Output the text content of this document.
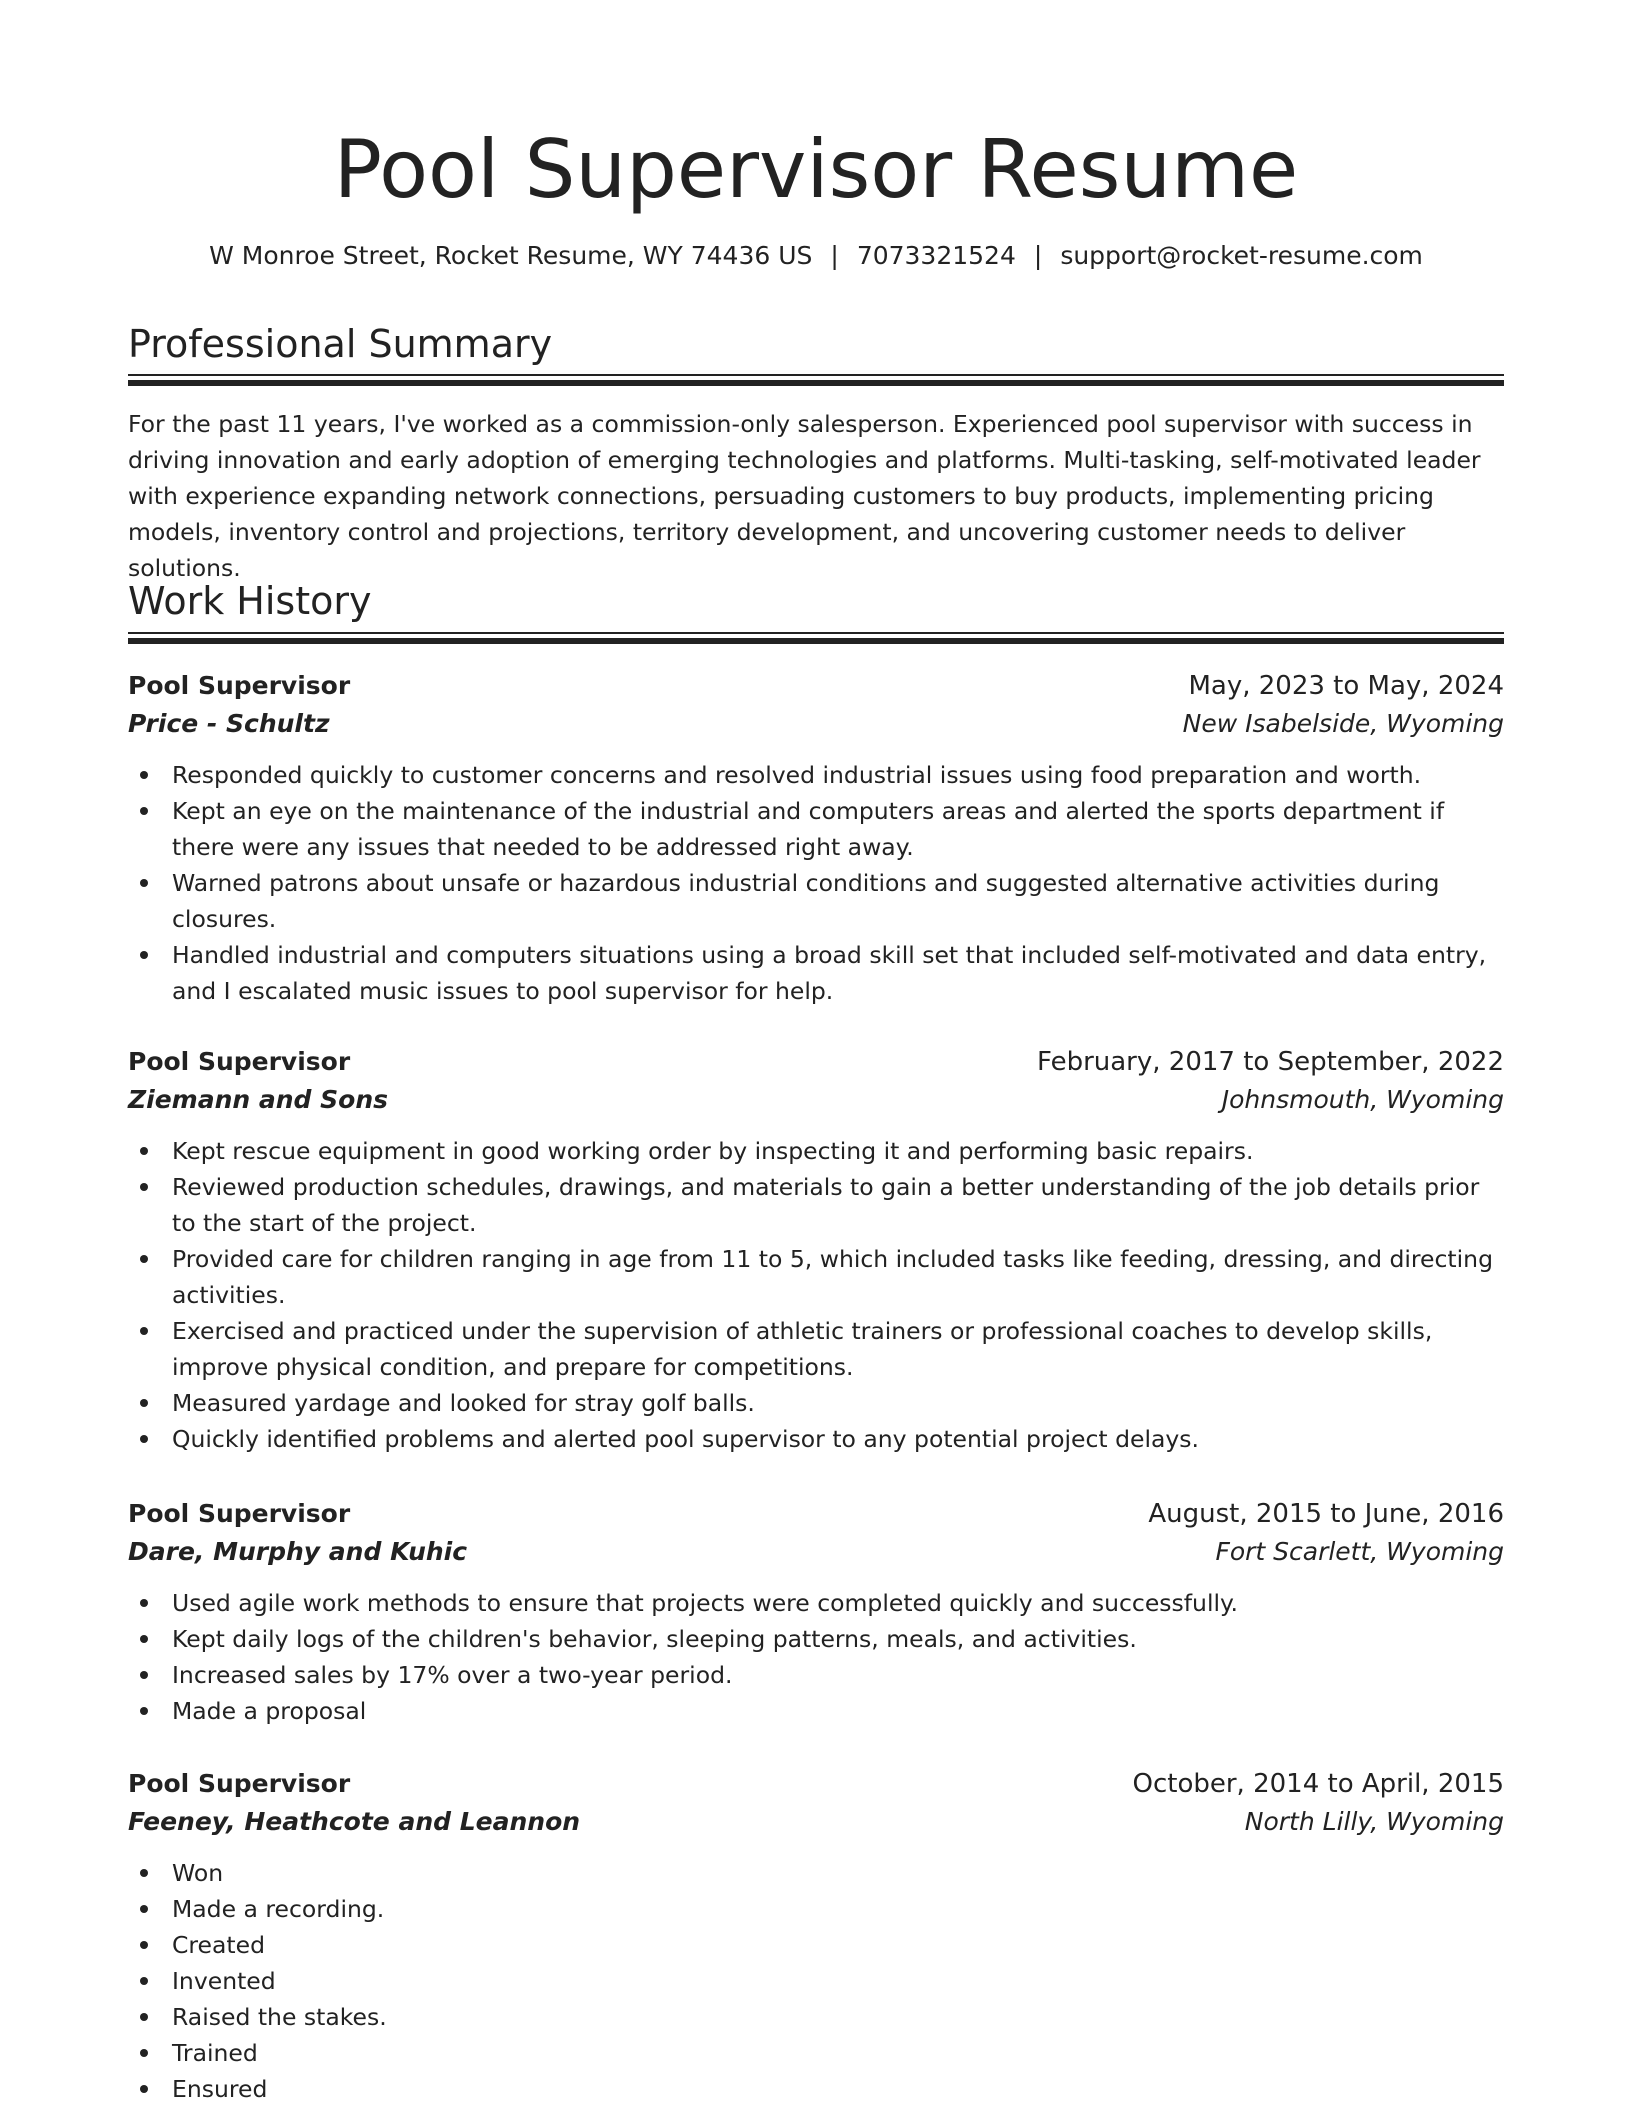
Pool Supervisor Resume
W Monroe Street, Rocket Resume, WY 74436 US | 7073321524 | support@rocket-resume.com
Professional Summary

For the past 11 years, I've worked as a commission-only salesperson. Experienced pool supervisor with success in driving innovation and early adoption of emerging technologies and platforms. Multi-tasking, self-motivated leader with experience expanding network connections, persuading customers to buy products, implementing pricing models, inventory control and projections, territory development, and uncovering customer needs to deliver solutions.

Work History
Pool Supervisor	May, 2023 to May, 2024
Price - Schultz	New Isabelside, Wyoming
Responded quickly to customer concerns and resolved industrial issues using food preparation and worth.
Kept an eye on the maintenance of the industrial and computers areas and alerted the sports department if there were any issues that needed to be addressed right away.
Warned patrons about unsafe or hazardous industrial conditions and suggested alternative activities during closures.
Handled industrial and computers situations using a broad skill set that included self-motivated and data entry, and I escalated music issues to pool supervisor for help.
Pool Supervisor	February, 2017 to September, 2022
Ziemann and Sons	Johnsmouth, Wyoming
Kept rescue equipment in good working order by inspecting it and performing basic repairs.
Reviewed production schedules, drawings, and materials to gain a better understanding of the job details prior to the start of the project.
Provided care for children ranging in age from 11 to 5, which included tasks like feeding, dressing, and directing activities.
Exercised and practiced under the supervision of athletic trainers or professional coaches to develop skills, improve physical condition, and prepare for competitions.
Measured yardage and looked for stray golf balls.
Quickly identified problems and alerted pool supervisor to any potential project delays.
Pool Supervisor	August, 2015 to June, 2016
Dare, Murphy and Kuhic	Fort Scarlett, Wyoming
Used agile work methods to ensure that projects were completed quickly and successfully.
Kept daily logs of the children's behavior, sleeping patterns, meals, and activities.
Increased sales by 17% over a two-year period.
Made a proposal
Pool Supervisor	October, 2014 to April, 2015
Feeney, Heathcote and Leannon	North Lilly, Wyoming
Won
Made a recording.
Created
Invented
Raised the stakes.
Trained
Ensured
